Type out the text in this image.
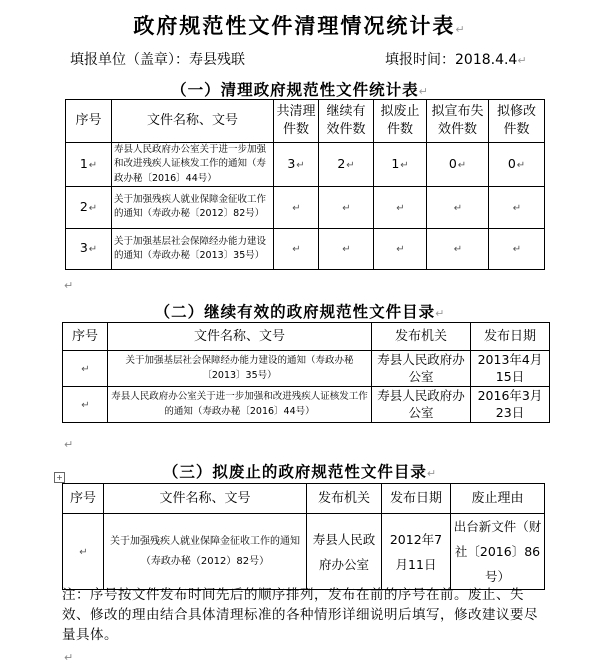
政府规范性文件清理情况统计表↵
填报单位（盖章）：寿县残联	填报时间：2018.4.4↵
（一）清理政府规范性文件统计表↵
序号	文件名称、文号	共清理件数	继续有效件数	拟废止件数	拟宣布失效件数	拟修改件数
1↵	寿县人民政府办公室关于进一步加强和改进残疾人证核发工作的通知（寿政办秘〔2016〕44号）	3↵	2↵	1↵	0↵	0↵
2↵	关于加强残疾人就业保障金征收工作的通知（寿政办秘〔2012〕82号）	↵	↵	↵	↵	↵
3↵	关于加强基层社会保障经办能力建设的通知（寿政办秘〔2013〕35号）	↵	↵	↵	↵	↵
↵
（二）继续有效的政府规范性文件目录↵
序号	文件名称、文号	发布机关	发布日期
↵	关于加强基层社会保障经办能力建设的通知（寿政办秘〔2013〕35号）	寿县人民政府办公室	2013年4月15日
↵	寿县人民政府办公室关于进一步加强和改进残疾人证核发工作的通知（寿政办秘〔2016〕44号）	寿县人民政府办公室	2016年3月23日
↵
（三）拟废止的政府规范性文件目录↵
+
序号	文件名称、文号	发布机关	发布日期	废止理由
↵	关于加强残疾人就业保障金征收工作的通知（寿政办秘（2012）82号）	寿县人民政府办公室	2012年7月11日	出台新文件（财社〔2016〕86号）
注：序号按文件发布时间先后的顺序排列，发布在前的序号在前。废止、失效、修改的理由结合具体清理标准的各种情形详细说明后填写，修改建议要尽量具体。
↵
